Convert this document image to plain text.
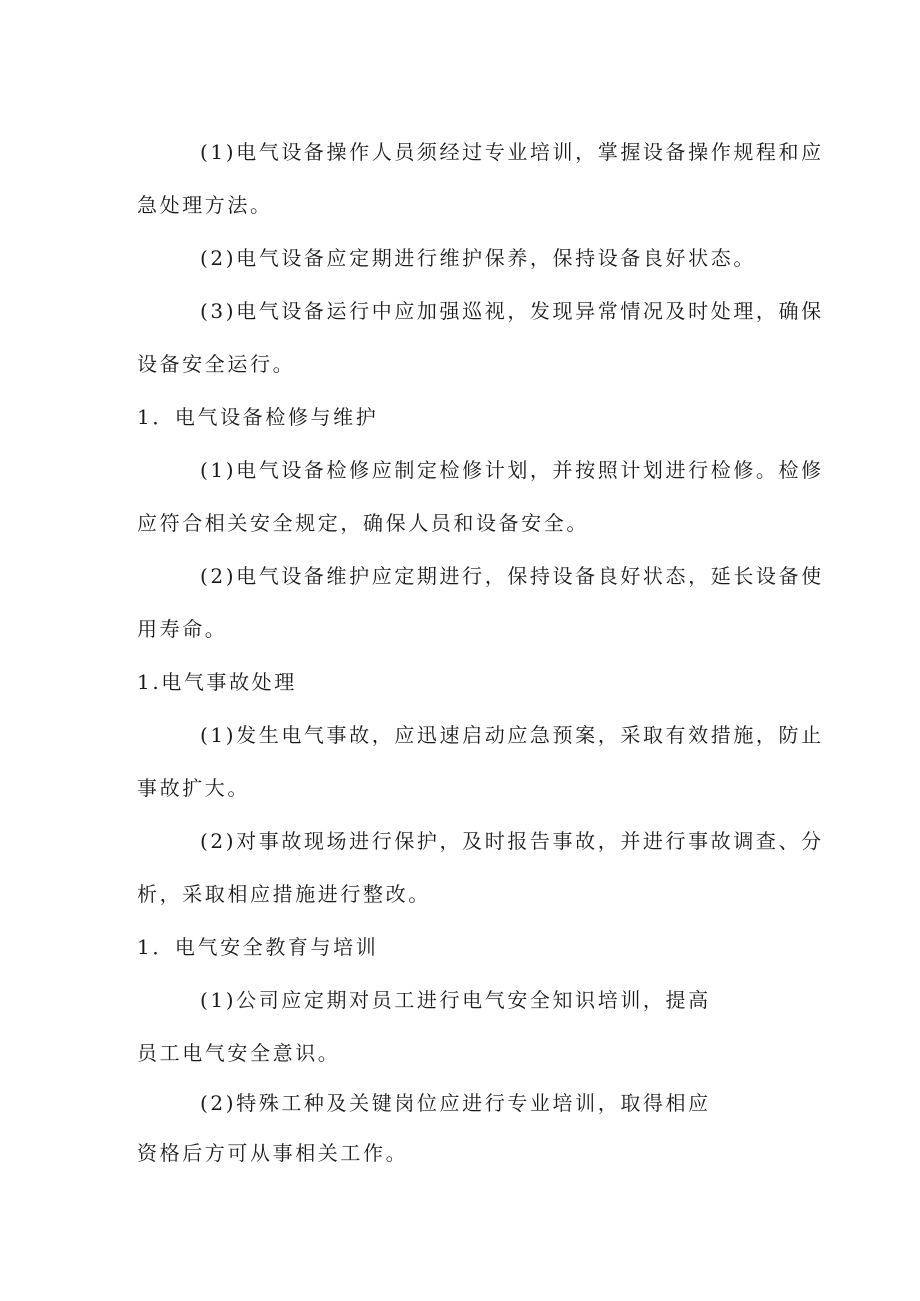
(1)电气设备操作人员须经过专业培训，掌握设备操作规程和应
急处理方法。
(2)电气设备应定期进行维护保养，保持设备良好状态。
(3)电气设备运行中应加强巡视，发现异常情况及时处理，确保
设备安全运行。
1．电气设备检修与维护
(1)电气设备检修应制定检修计划，并按照计划进行检修。检修
应符合相关安全规定，确保人员和设备安全。
(2)电气设备维护应定期进行，保持设备良好状态，延长设备使
用寿命。
1.电气事故处理
(1)发生电气事故，应迅速启动应急预案，采取有效措施，防止
事故扩大。
(2)对事故现场进行保护，及时报告事故，并进行事故调查、分
析，采取相应措施进行整改。
1．电气安全教育与培训
(1)公司应定期对员工进行电气安全知识培训，提高
员工电气安全意识。
(2)特殊工种及关键岗位应进行专业培训，取得相应
资格后方可从事相关工作。
